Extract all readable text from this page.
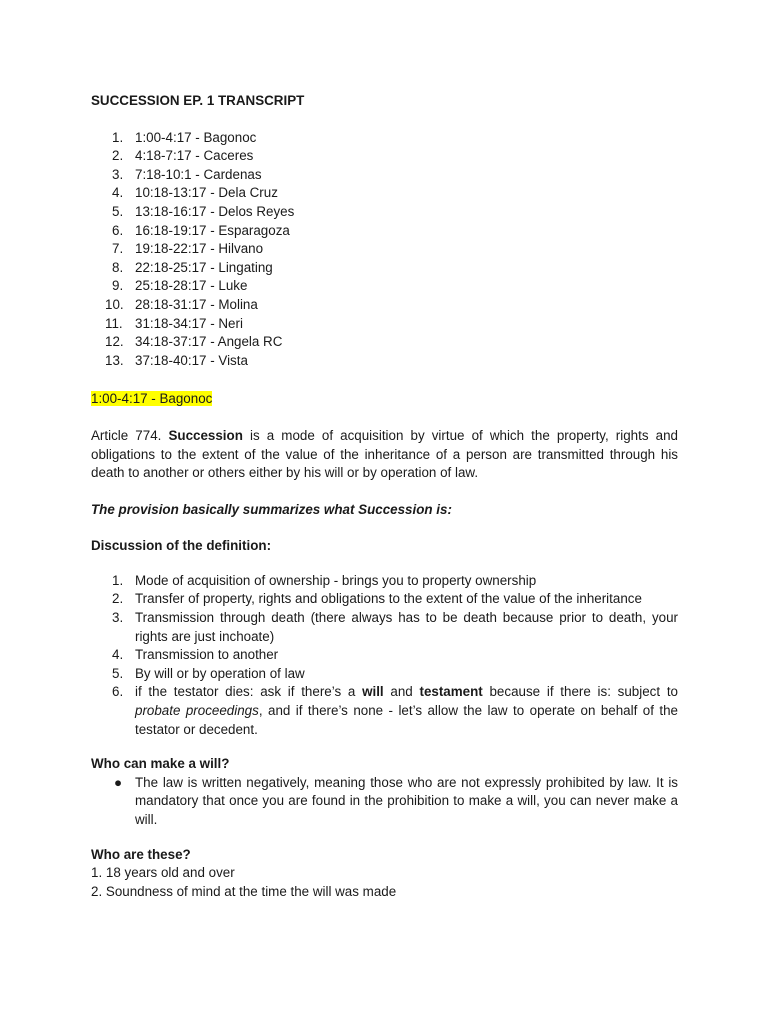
SUCCESSION EP. 1 TRANSCRIPT

1. 1:00-4:17 - Bagonoc
2. 4:18-7:17 - Caceres
3. 7:18-10:1 - Cardenas
4. 10:18-13:17 - Dela Cruz
5. 13:18-16:17 - Delos Reyes
6. 16:18-19:17 - Esparagoza
7. 19:18-22:17 - Hilvano
8. 22:18-25:17 - Lingating
9. 25:18-28:17 - Luke
10. 28:18-31:17 - Molina
11. 31:18-34:17 - Neri
12. 34:18-37:17 - Angela RC
13. 37:18-40:17 - Vista

1:00-4:17 - Bagonoc

Article 774. Succession is a mode of acquisition by virtue of which the property, rights and obligations to the extent of the value of the inheritance of a person are transmitted through his death to another or others either by his will or by operation of law.

The provision basically summarizes what Succession is:

Discussion of the definition:

1. Mode of acquisition of ownership - brings you to property ownership
2. Transfer of property, rights and obligations to the extent of the value of the inheritance
3. Transmission through death (there always has to be death because prior to death, your rights are just inchoate)
4. Transmission to another
5. By will or by operation of law
6. if the testator dies: ask if there’s a will and testament because if there is: subject to probate proceedings, and if there’s none - let’s allow the law to operate on behalf of the testator or decedent.

Who can make a will?

● The law is written negatively, meaning those who are not expressly prohibited by law. It is mandatory that once you are found in the prohibition to make a will, you can never make a will.

Who are these?

1. 18 years old and over

2. Soundness of mind at the time the will was made
